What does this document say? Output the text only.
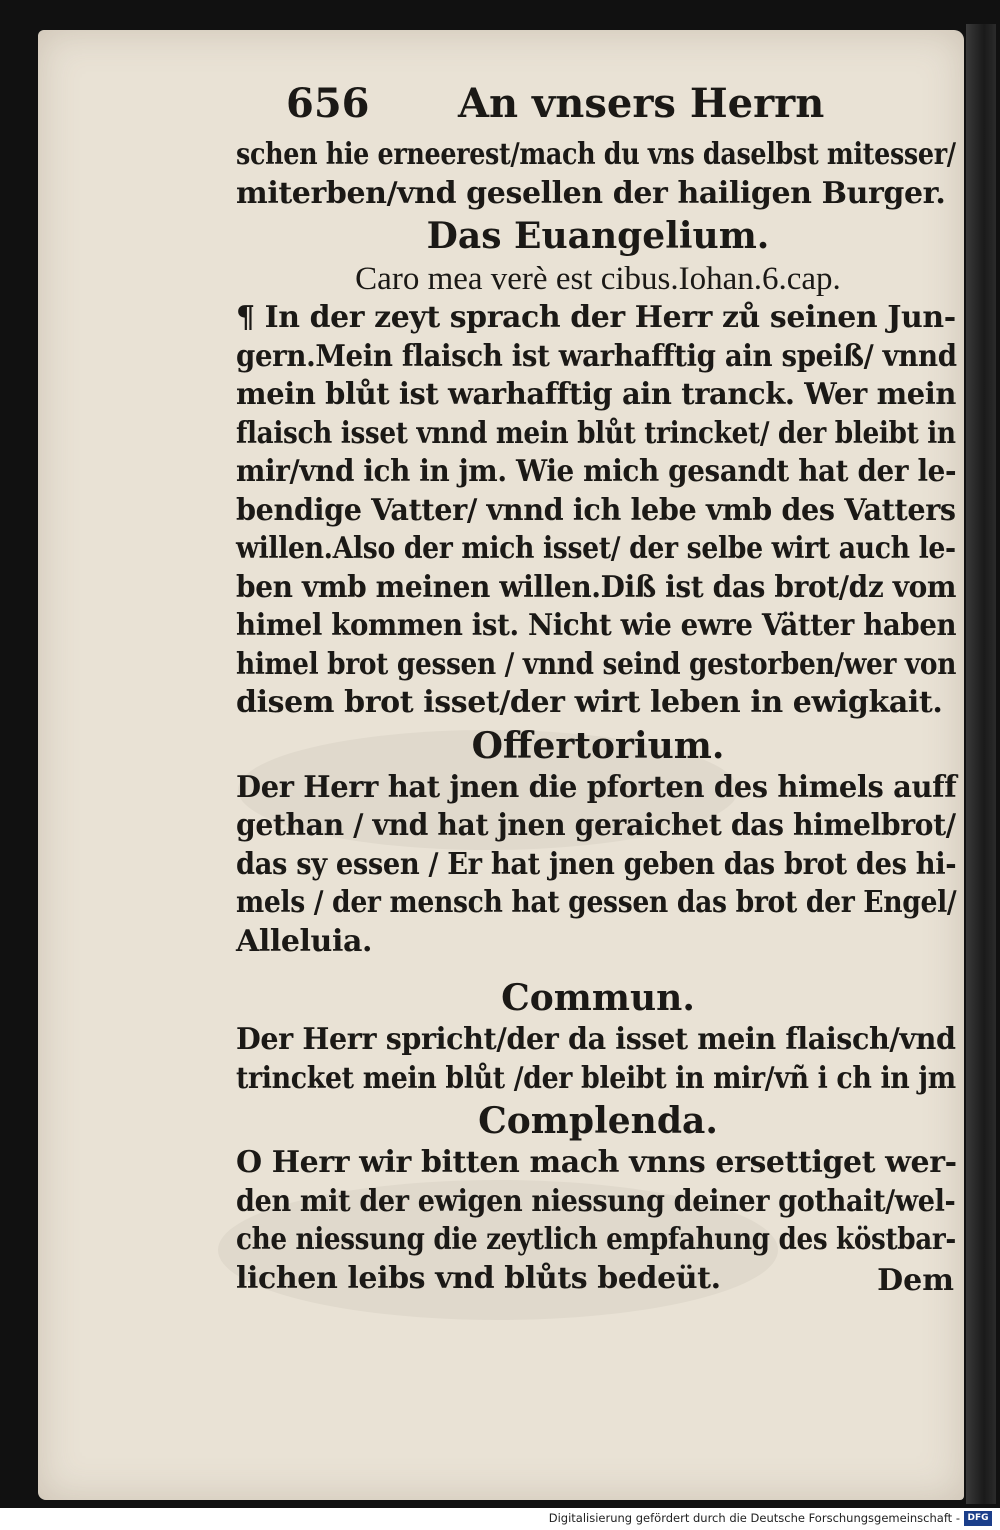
656 An vnsers Herrn
schen hie erneerest/mach du vns daselbst mitesser/
miterben/vnd gesellen der hailigen Burger.
Das Euangelium.
Caro mea verè est cibus.Iohan.6.cap.
¶ In der zeyt sprach der Herr zů seinen Jun-
gern.Mein flaisch ist warhafftig ain speiß/ vnnd
mein blůt ist warhafftig ain tranck. Wer mein
flaisch isset vnnd mein blůt trincket/ der bleibt in
mir/vnd ich in jm. Wie mich gesandt hat der le-
bendige Vatter/ vnnd ich lebe vmb des Vatters
willen.Also der mich isset/ der selbe wirt auch le-
ben vmb meinen willen.Diß ist das brot/dz vom
himel kommen ist. Nicht wie ewre Vätter haben
himel brot gessen / vnnd seind gestorben/wer von
disem brot isset/der wirt leben in ewigkait.
Offertorium.
Der Herr hat jnen die pforten des himels auff
gethan / vnd hat jnen geraichet das himelbrot/
das sy essen / Er hat jnen geben das brot des hi-
mels / der mensch hat gessen das brot der Engel/
Alleluia.
Commun.
Der Herr spricht/der da isset mein flaisch/vnd
trincket mein blůt /der bleibt in mir/vñ i ch in jm
Complenda.
O Herr wir bitten mach vnns ersettiget wer-
den mit der ewigen niessung deiner gothait/wel-
che niessung die zeytlich empfahung des köstbar-
lichen leibs vnd blůts bedeüt.	Dem
Digitalisierung gefördert durch die Deutsche Forschungsgemeinschaft - DFG
